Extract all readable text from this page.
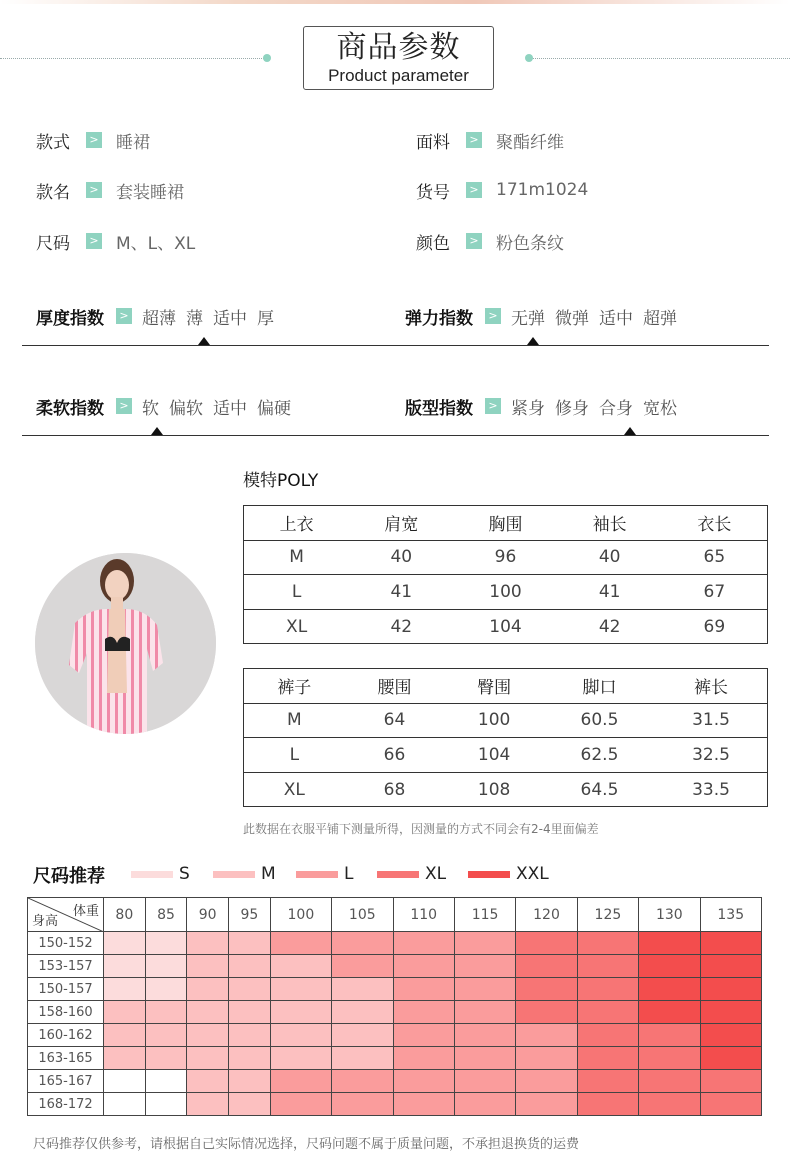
商品参数
Product parameter
款式	> 睡裙	面料	> 聚酯纤维
款名	> 套装睡裙	货号	> 171m1024
尺码	> M、L、XL	颜色	> 粉色条纹
厚度指数	> 超薄 薄 适中 厚	弹力指数	> 无弹 微弹 适中 超弹
柔软指数	> 软 偏软 适中 偏硬	版型指数	> 紧身 修身 合身 宽松
模特POLY
上衣	肩宽	胸围	袖长	衣长
M	40	96	40	65
L	41	100	41	67
XL	42	104	42	69
裤子	腰围	臀围	脚口	裤长
M	64	100	60.5	31.5
L	66	104	62.5	32.5
XL	68	108	64.5	33.5
此数据在衣服平铺下测量所得，因测量的方式不同会有2-4里面偏差
尺码推荐	S	M	L	XL	XXL
体重
身高	80	85	90	95	100	105	110	115	120	125	130	135
150-152												
153-157												
150-157												
158-160												
160-162												
163-165												
165-167												
168-172												
尺码推荐仅供参考，请根据自己实际情况选择，尺码问题不属于质量问题，不承担退换货的运费
